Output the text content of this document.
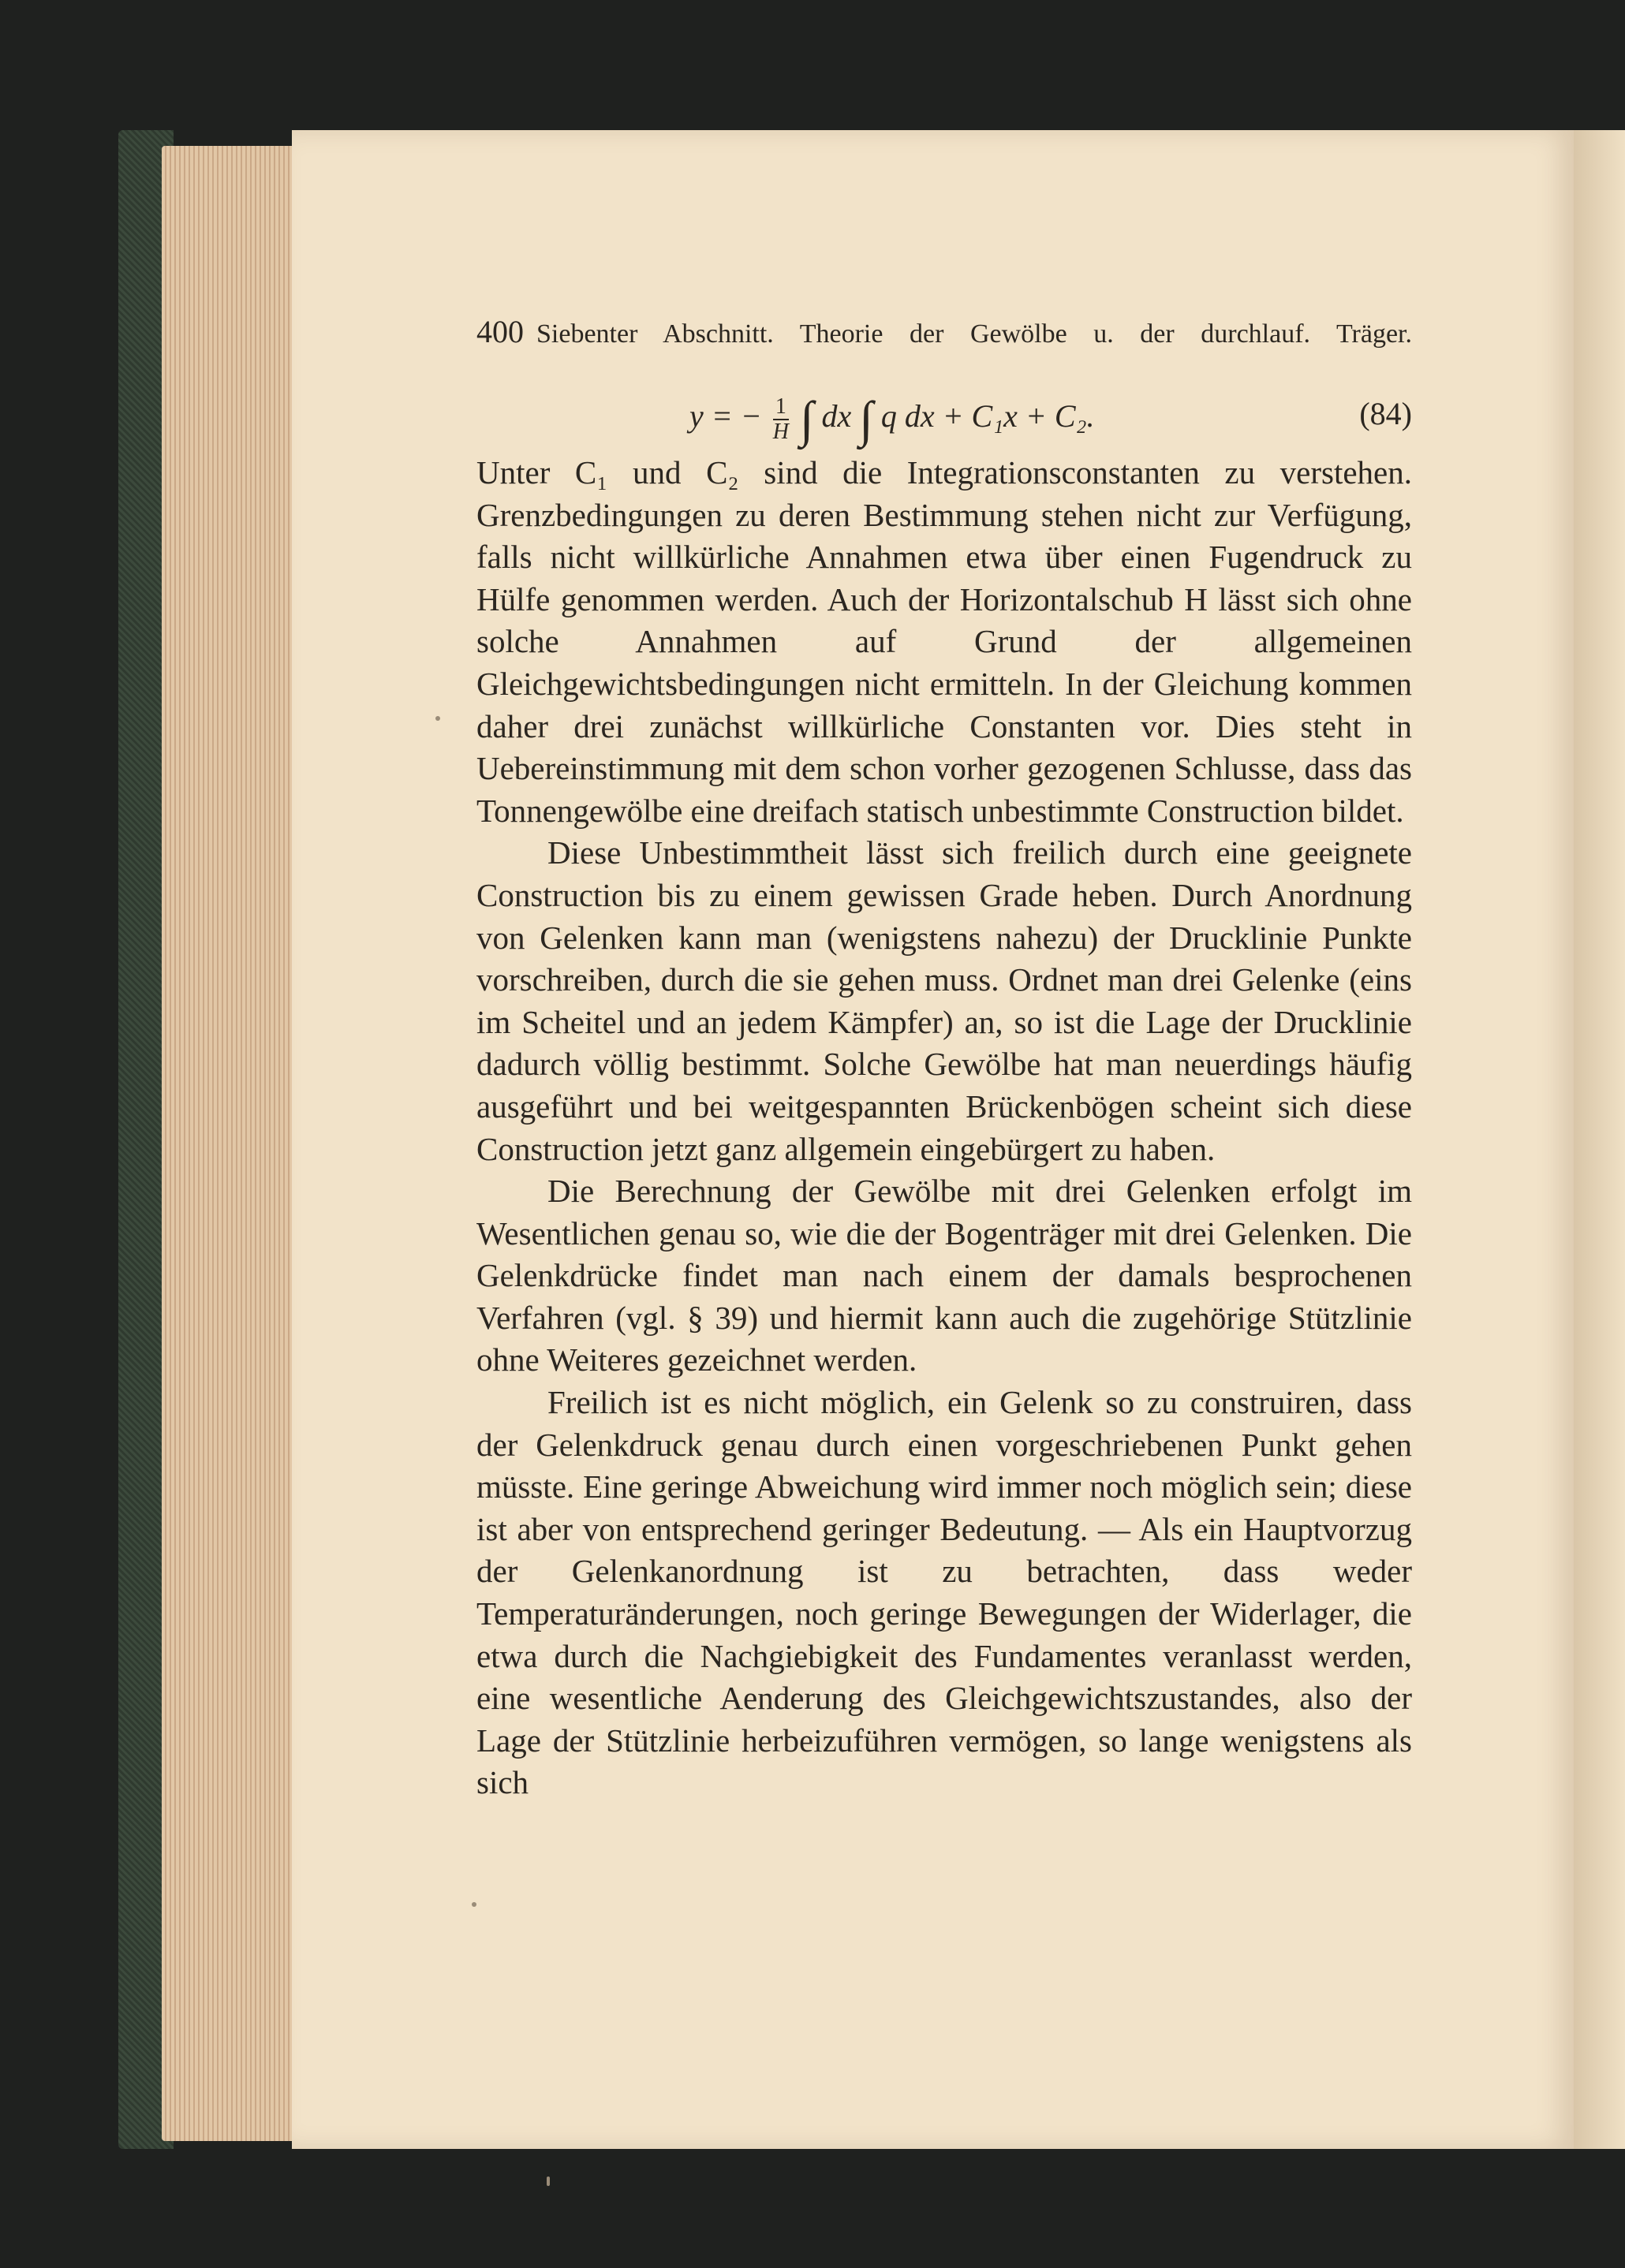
400 Siebenter Abschnitt. Theorie der Gewölbe u. der durchlauf. Träger.
y = − $\frac{1}{H}$ ∫ dx ∫ q dx + C₁x + C₂.	(84)

Unter C₁ und C₂ sind die Integrationsconstanten zu verstehen. Grenzbedingungen zu deren Bestimmung stehen nicht zur Verfügung, falls nicht willkürliche Annahmen etwa über einen Fugendruck zu Hülfe genommen werden. Auch der Horizontalschub H lässt sich ohne solche Annahmen auf Grund der allgemeinen Gleichgewichtsbedingungen nicht ermitteln. In der Gleichung kommen daher drei zunächst willkürliche Constanten vor. Dies steht in Uebereinstimmung mit dem schon vorher gezogenen Schlusse, dass das Tonnengewölbe eine dreifach statisch unbestimmte Construction bildet.

Diese Unbestimmtheit lässt sich freilich durch eine geeignete Construction bis zu einem gewissen Grade heben. Durch Anordnung von Gelenken kann man (wenigstens nahezu) der Drucklinie Punkte vorschreiben, durch die sie gehen muss. Ordnet man drei Gelenke (eins im Scheitel und an jedem Kämpfer) an, so ist die Lage der Drucklinie dadurch völlig bestimmt. Solche Gewölbe hat man neuerdings häufig ausgeführt und bei weitgespannten Brückenbögen scheint sich diese Construction jetzt ganz allgemein eingebürgert zu haben.

Die Berechnung der Gewölbe mit drei Gelenken erfolgt im Wesentlichen genau so, wie die der Bogenträger mit drei Gelenken. Die Gelenkdrücke findet man nach einem der damals besprochenen Verfahren (vgl. § 39) und hiermit kann auch die zugehörige Stützlinie ohne Weiteres gezeichnet werden.

Freilich ist es nicht möglich, ein Gelenk so zu construiren, dass der Gelenkdruck genau durch einen vorgeschriebenen Punkt gehen müsste. Eine geringe Abweichung wird immer noch möglich sein; diese ist aber von entsprechend geringer Bedeutung. — Als ein Hauptvorzug der Gelenkanordnung ist zu betrachten, dass weder Temperaturänderungen, noch geringe Bewegungen der Widerlager, die etwa durch die Nachgiebigkeit des Fundamentes veranlasst werden, eine wesentliche Aenderung des Gleichgewichtszustandes, also der Lage der Stützlinie herbeizuführen vermögen, so lange wenigstens als sich
